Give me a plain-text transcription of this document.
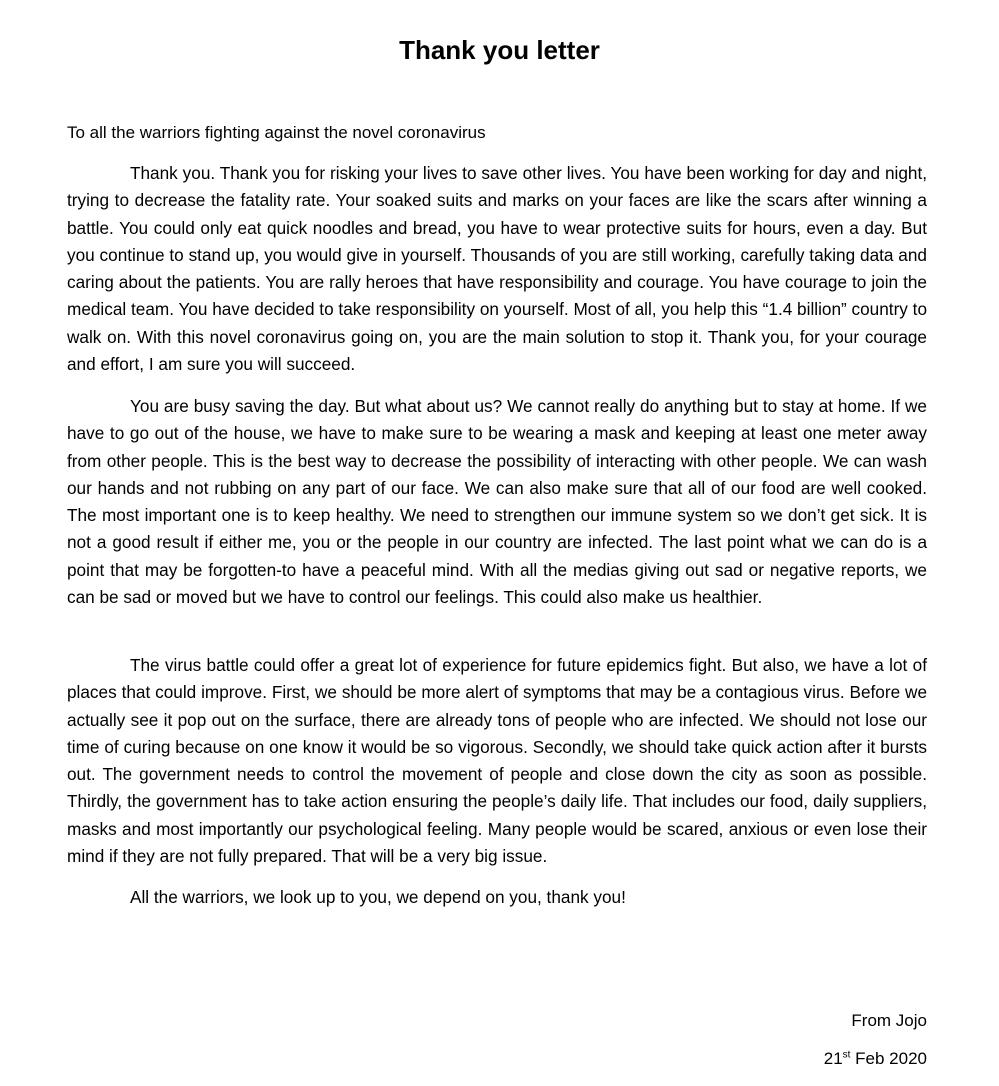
Thank you letter

To all the warriors fighting against the novel coronavirus

Thank you. Thank you for risking your lives to save other lives. You have been working for day and night, trying to decrease the fatality rate. Your soaked suits and marks on your faces are like the scars after winning a battle. You could only eat quick noodles and bread, you have to wear protective suits for hours, even a day. But you continue to stand up, you would give in yourself. Thousands of you are still working, carefully taking data and caring about the patients. You are rally heroes that have responsibility and courage. You have courage to join the medical team. You have decided to take responsibility on yourself. Most of all, you help this “1.4 billion” country to walk on. With this novel coronavirus going on, you are the main solution to stop it. Thank you, for your courage and effort, I am sure you will succeed.

You are busy saving the day. But what about us? We cannot really do anything but to stay at home. If we have to go out of the house, we have to make sure to be wearing a mask and keeping at least one meter away from other people. This is the best way to decrease the possibility of interacting with other people. We can wash our hands and not rubbing on any part of our face. We can also make sure that all of our food are well cooked. The most important one is to keep healthy. We need to strengthen our immune system so we don’t get sick. It is not a good result if either me, you or the people in our country are infected. The last point what we can do is a point that may be forgotten-to have a peaceful mind. With all the medias giving out sad or negative reports, we can be sad or moved but we have to control our feelings. This could also make us healthier.

The virus battle could offer a great lot of experience for future epidemics fight. But also, we have a lot of places that could improve. First, we should be more alert of symptoms that may be a contagious virus. Before we actually see it pop out on the surface, there are already tons of people who are infected. We should not lose our time of curing because on one know it would be so vigorous. Secondly, we should take quick action after it bursts out. The government needs to control the movement of people and close down the city as soon as possible. Thirdly, the government has to take action ensuring the people’s daily life. That includes our food, daily suppliers, masks and most importantly our psychological feeling. Many people would be scared, anxious or even lose their mind if they are not fully prepared. That will be a very big issue.

All the warriors, we look up to you, we depend on you, thank you!

From Jojo

21st Feb 2020
